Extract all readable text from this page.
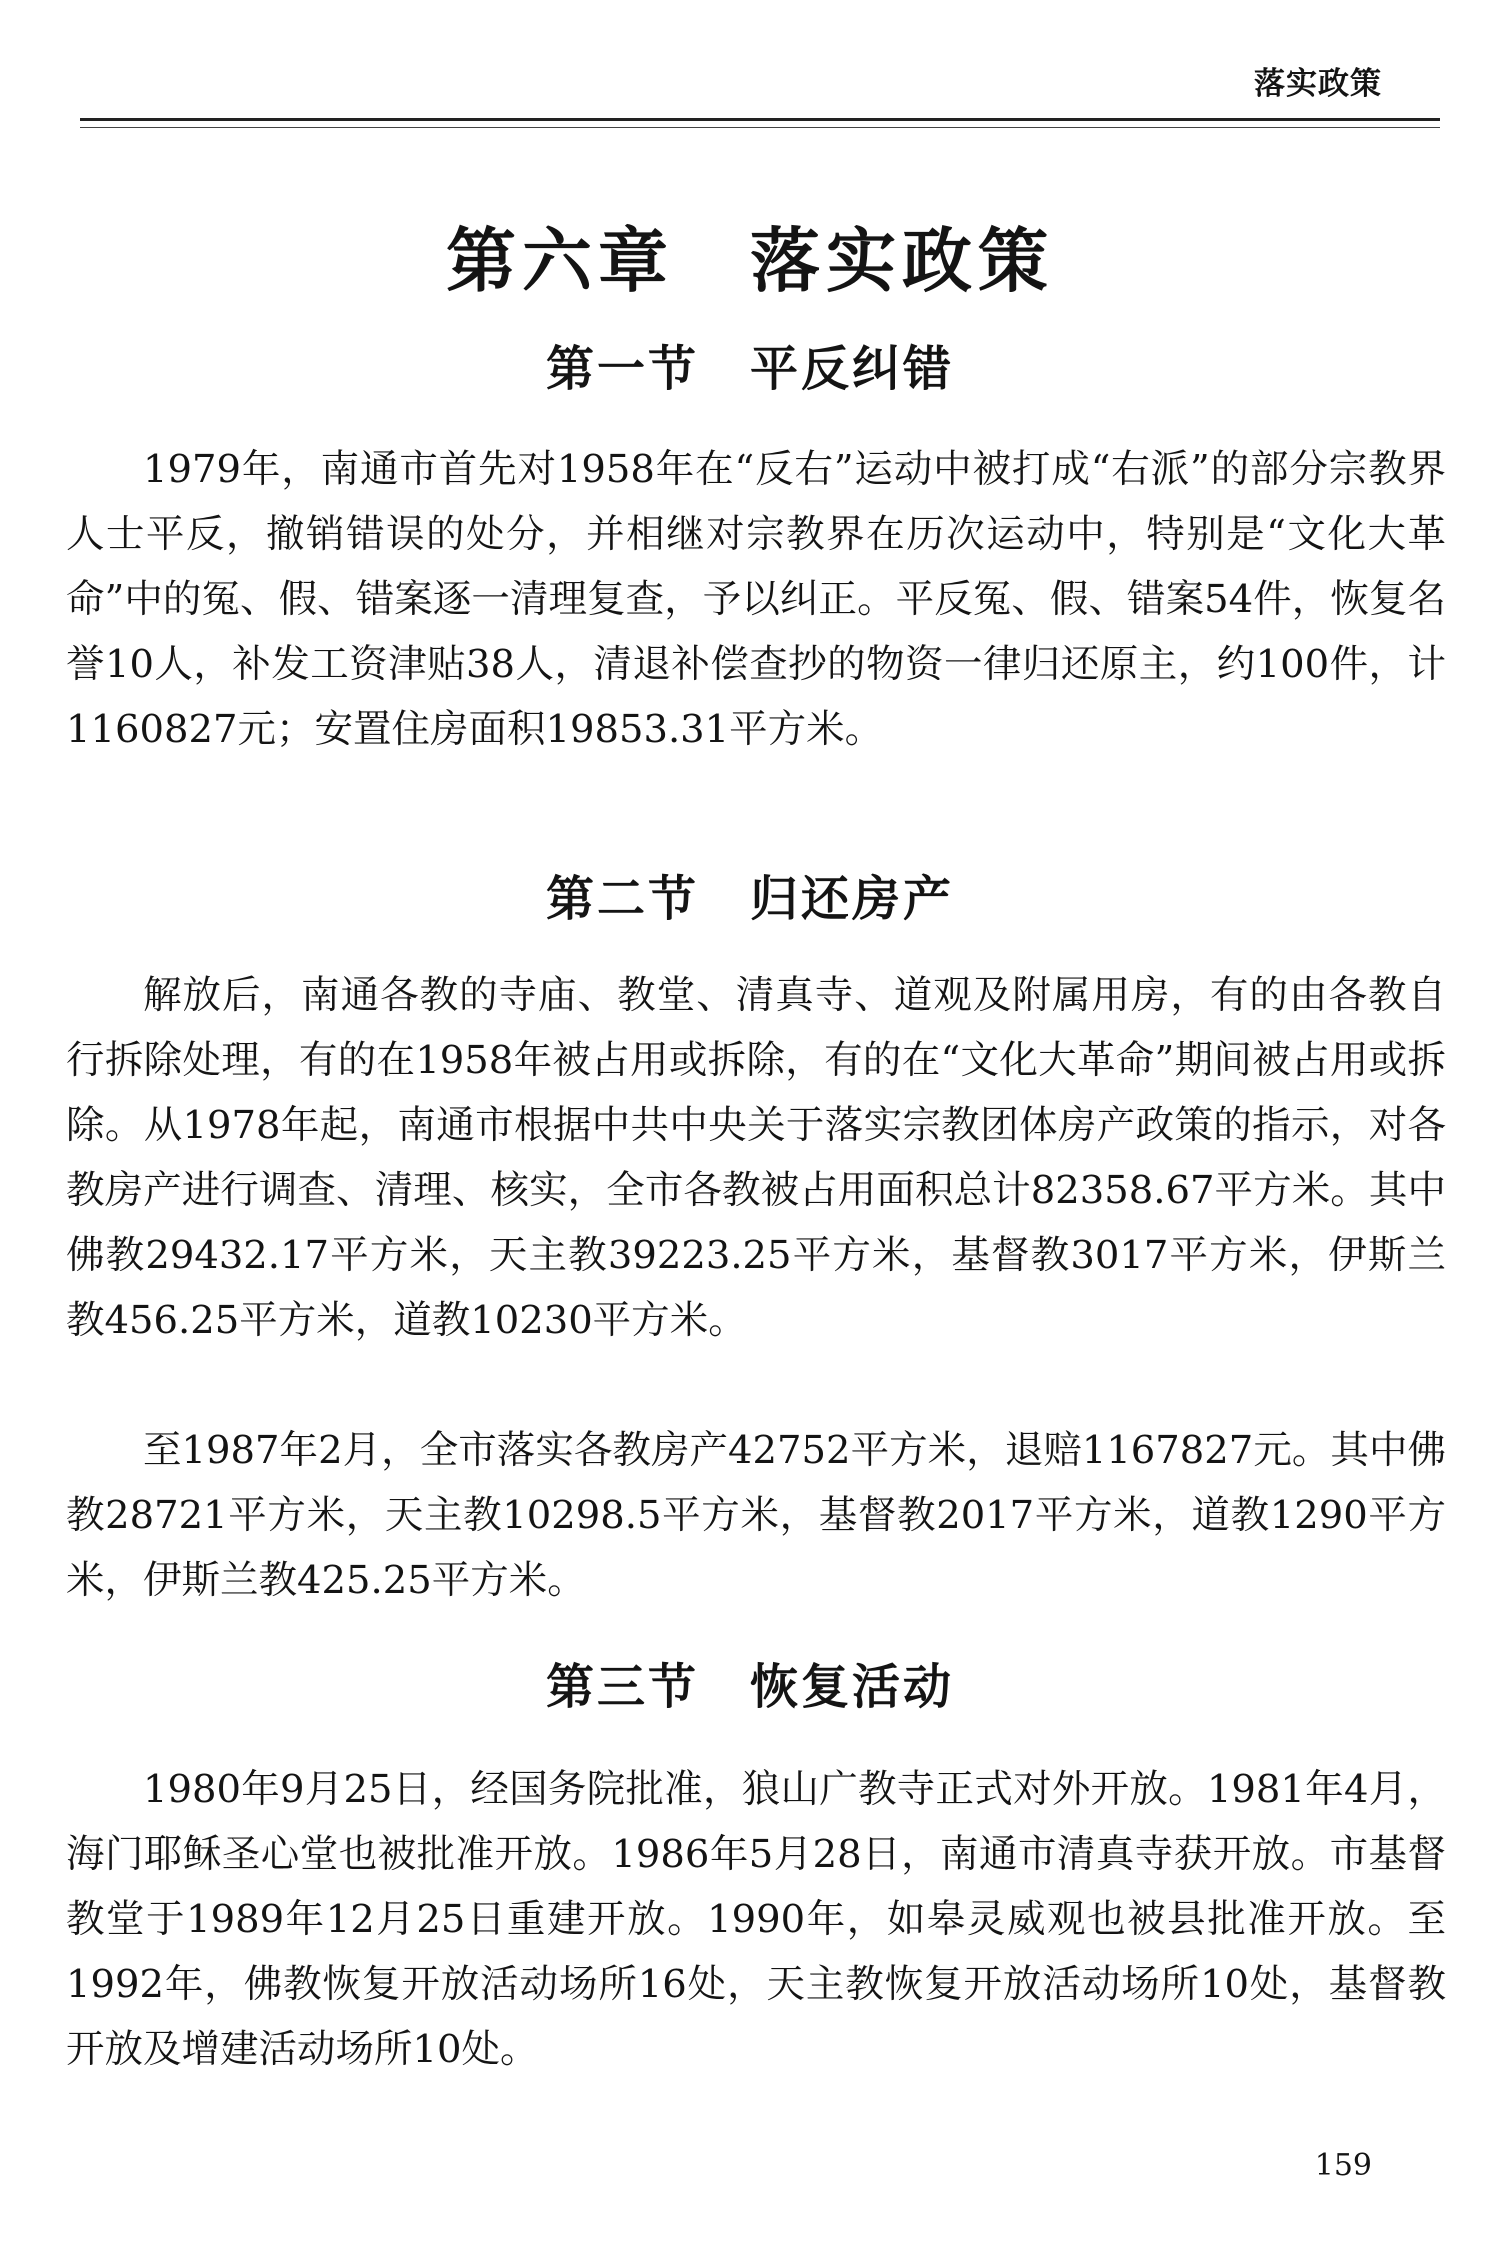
落实政策
第六章　落实政策
第一节　平反纠错

1979年，南通市首先对1958年在“反右”运动中被打成“右派”的部分宗教界人士平反，撤销错误的处分，并相继对宗教界在历次运动中，特别是“文化大革命”中的冤、假、错案逐一清理复查，予以纠正。平反冤、假、错案54件，恢复名誉10人，补发工资津贴38人，清退补偿查抄的物资一律归还原主，约100件，计1160827元；安置住房面积19853.31平方米。

第二节　归还房产

解放后，南通各教的寺庙、教堂、清真寺、道观及附属用房，有的由各教自行拆除处理，有的在1958年被占用或拆除，有的在“文化大革命”期间被占用或拆除。从1978年起，南通市根据中共中央关于落实宗教团体房产政策的指示，对各教房产进行调查、清理、核实，全市各教被占用面积总计82358.67平方米。其中佛教29432.17平方米，天主教39223.25平方米，基督教3017平方米，伊斯兰教456.25平方米，道教10230平方米。

至1987年2月，全市落实各教房产42752平方米，退赔1167827元。其中佛教28721平方米，天主教10298.5平方米，基督教2017平方米，道教1290平方米，伊斯兰教425.25平方米。

第三节　恢复活动

1980年9月25日，经国务院批准，狼山广教寺正式对外开放。1981年4月，海门耶稣圣心堂也被批准开放。1986年5月28日，南通市清真寺获开放。市基督教堂于1989年12月25日重建开放。1990年，如皋灵威观也被县批准开放。至1992年，佛教恢复开放活动场所16处，天主教恢复开放活动场所10处，基督教开放及增建活动场所10处。

159
